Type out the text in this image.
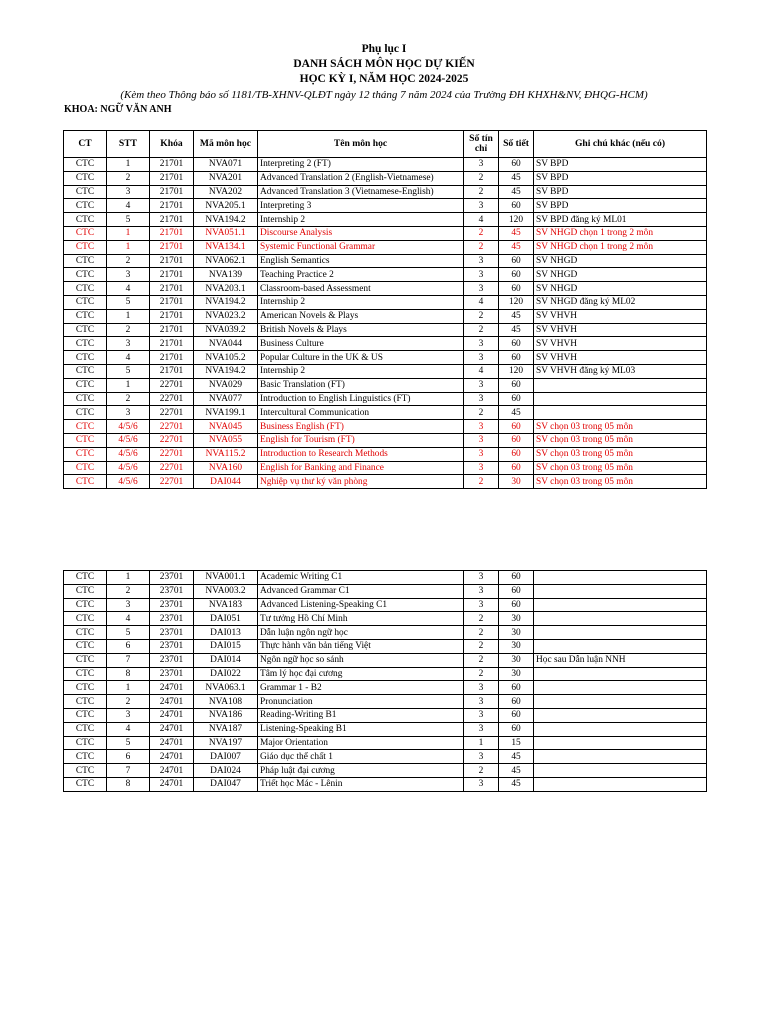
Phụ lục I
DANH SÁCH MÔN HỌC DỰ KIẾN
HỌC KỲ I, NĂM HỌC 2024-2025
(Kèm theo Thông báo số 1181/TB-XHNV-QLĐT ngày 12 tháng 7 năm 2024 của Trường ĐH KHXH&NV, ĐHQG-HCM)
KHOA: NGỮ VĂN ANH
CT	STT	Khóa	Mã môn học	Tên môn học	Số tín chỉ	Số tiết	Ghi chú khác (nếu có)
CTC	1	21701	NVA071	Interpreting 2 (FT)	3	60	SV BPD
CTC	2	21701	NVA201	Advanced Translation 2 (English-Vietnamese)	2	45	SV BPD
CTC	3	21701	NVA202	Advanced Translation 3 (Vietnamese-English)	2	45	SV BPD
CTC	4	21701	NVA205.1	Interpreting 3	3	60	SV BPD
CTC	5	21701	NVA194.2	Internship 2	4	120	SV BPD đăng ký ML01
CTC	1	21701	NVA051.1	Discourse Analysis	2	45	SV NHGD chọn 1 trong 2 môn
CTC	1	21701	NVA134.1	Systemic Functional Grammar	2	45	SV NHGD chọn 1 trong 2 môn
CTC	2	21701	NVA062.1	English Semantics	3	60	SV NHGD
CTC	3	21701	NVA139	Teaching Practice 2	3	60	SV NHGD
CTC	4	21701	NVA203.1	Classroom-based Assessment	3	60	SV NHGD
CTC	5	21701	NVA194.2	Internship 2	4	120	SV NHGD đăng ký ML02
CTC	1	21701	NVA023.2	American Novels & Plays	2	45	SV VHVH
CTC	2	21701	NVA039.2	British Novels & Plays	2	45	SV VHVH
CTC	3	21701	NVA044	Business Culture	3	60	SV VHVH
CTC	4	21701	NVA105.2	Popular Culture in the UK & US	3	60	SV VHVH
CTC	5	21701	NVA194.2	Internship 2	4	120	SV VHVH đăng ký ML03
CTC	1	22701	NVA029	Basic Translation (FT)	3	60	
CTC	2	22701	NVA077	Introduction to English Linguistics (FT)	3	60	
CTC	3	22701	NVA199.1	Intercultural Communication	2	45	
CTC	4/5/6	22701	NVA045	Business English (FT)	3	60	SV chọn 03 trong 05 môn
CTC	4/5/6	22701	NVA055	English for Tourism (FT)	3	60	SV chọn 03 trong 05 môn
CTC	4/5/6	22701	NVA115.2	Introduction to Research Methods	3	60	SV chọn 03 trong 05 môn
CTC	4/5/6	22701	NVA160	English for Banking and Finance	3	60	SV chọn 03 trong 05 môn
CTC	4/5/6	22701	DAI044	Nghiệp vụ thư ký văn phòng	2	30	SV chọn 03 trong 05 môn
CTC	1	23701	NVA001.1	Academic Writing C1	3	60	
CTC	2	23701	NVA003.2	Advanced Grammar C1	3	60	
CTC	3	23701	NVA183	Advanced Listening-Speaking C1	3	60	
CTC	4	23701	DAI051	Tư tưởng Hồ Chí Minh	2	30	
CTC	5	23701	DAI013	Dẫn luận ngôn ngữ học	2	30	
CTC	6	23701	DAI015	Thực hành văn bản tiếng Việt	2	30	
CTC	7	23701	DAI014	Ngôn ngữ học so sánh	2	30	Học sau Dẫn luận NNH
CTC	8	23701	DAI022	Tâm lý học đại cương	2	30	
CTC	1	24701	NVA063.1	Grammar 1 - B2	3	60	
CTC	2	24701	NVA108	Pronunciation	3	60	
CTC	3	24701	NVA186	Reading-Writing B1	3	60	
CTC	4	24701	NVA187	Listening-Speaking B1	3	60	
CTC	5	24701	NVA197	Major Orientation	1	15	
CTC	6	24701	DAI007	Giáo dục thể chất 1	3	45	
CTC	7	24701	DAI024	Pháp luật đại cương	2	45	
CTC	8	24701	DAI047	Triết học Mác - Lênin	3	45	
